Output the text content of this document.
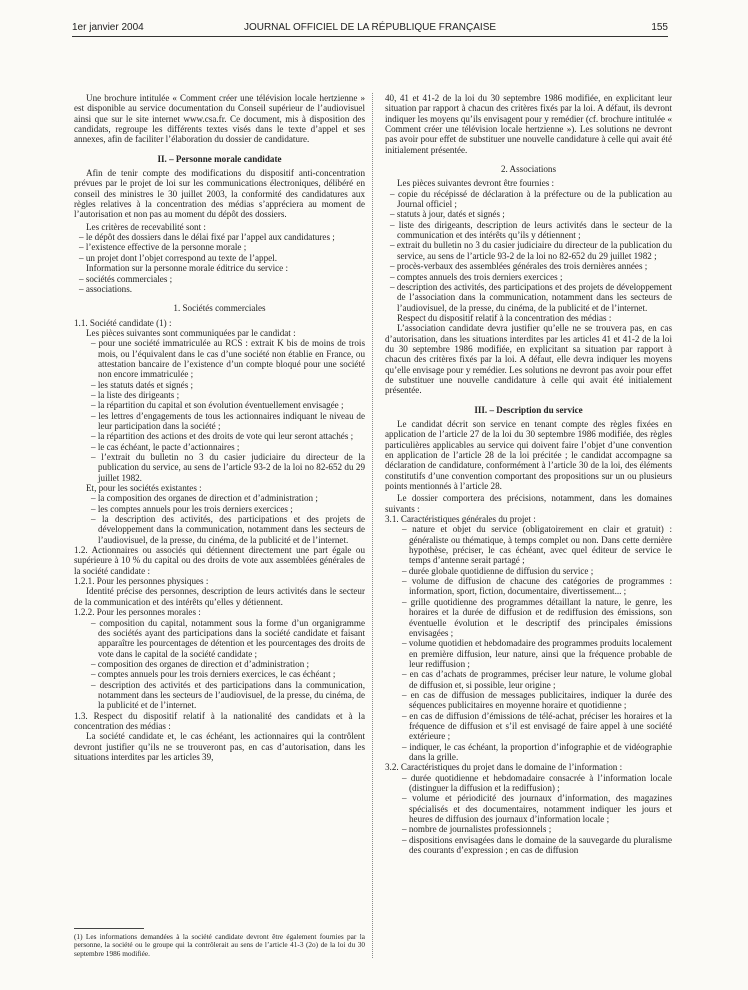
1er janvier 2004	JOURNAL OFFICIEL DE LA RÉPUBLIQUE FRANÇAISE	155

Une brochure intitulée « Comment créer une télévision locale hertzienne » est disponible au service documentation du Conseil supérieur de l’audiovisuel ainsi que sur le site internet www.csa.fr. Ce document, mis à disposition des candidats, regroupe les différents textes visés dans le texte d’appel et ses annexes, afin de faciliter l’élaboration du dossier de candidature.

II. – Personne morale candidate

Afin de tenir compte des modifications du dispositif anti-concentration prévues par le projet de loi sur les communications électroniques, délibéré en conseil des ministres le 30 juillet 2003, la conformité des candidatures aux règles relatives à la concentration des médias s’appréciera au moment de l’autorisation et non pas au moment du dépôt des dossiers.

Les critères de recevabilité sont :

– le dépôt des dossiers dans le délai fixé par l’appel aux candidatures ;

– l’existence effective de la personne morale ;

– un projet dont l’objet correspond au texte de l’appel.

Information sur la personne morale éditrice du service :

– sociétés commerciales ;

– associations.

1. Sociétés commerciales

1.1. Société candidate (1) :

Les pièces suivantes sont communiquées par le candidat :

– pour une société immatriculée au RCS : extrait K bis de moins de trois mois, ou l’équivalent dans le cas d’une société non établie en France, ou attestation bancaire de l’existence d’un compte bloqué pour une société non encore immatriculée ;

– les statuts datés et signés ;

– la liste des dirigeants ;

– la répartition du capital et son évolution éventuellement envisagée ;

– les lettres d’engagements de tous les actionnaires indiquant le niveau de leur participation dans la société ;

– la répartition des actions et des droits de vote qui leur seront attachés ;

– le cas échéant, le pacte d’actionnaires ;

– l’extrait du bulletin no 3 du casier judiciaire du directeur de la publication du service, au sens de l’article 93-2 de la loi no 82-652 du 29 juillet 1982.

Et, pour les sociétés existantes :

– la composition des organes de direction et d’administration ;

– les comptes annuels pour les trois derniers exercices ;

– la description des activités, des participations et des projets de développement dans la communication, notamment dans les secteurs de l’audiovisuel, de la presse, du cinéma, de la publicité et de l’internet.

1.2. Actionnaires ou associés qui détiennent directement une part égale ou supérieure à 10 % du capital ou des droits de vote aux assemblées générales de la société candidate :

1.2.1. Pour les personnes physiques :

Identité précise des personnes, description de leurs activités dans le secteur de la communication et des intérêts qu’elles y détiennent.

1.2.2. Pour les personnes morales :

– composition du capital, notamment sous la forme d’un organigramme des sociétés ayant des participations dans la société candidate et faisant apparaître les pourcentages de détention et les pourcentages des droits de vote dans le capital de la société candidate ;

– composition des organes de direction et d’administration ;

– comptes annuels pour les trois derniers exercices, le cas échéant ;

– description des activités et des participations dans la communication, notamment dans les secteurs de l’audiovisuel, de la presse, du cinéma, de la publicité et de l’internet.

1.3. Respect du dispositif relatif à la nationalité des candidats et à la concentration des médias :

La société candidate et, le cas échéant, les actionnaires qui la contrôlent devront justifier qu’ils ne se trouveront pas, en cas d’autorisation, dans les situations interdites par les articles 39,

(1) Les informations demandées à la société candidate devront être également fournies par la personne, la société ou le groupe qui la contrôlerait au sens de l’article 41-3 (2o) de la loi du 30 septembre 1986 modifiée.

40, 41 et 41-2 de la loi du 30 septembre 1986 modifiée, en explicitant leur situation par rapport à chacun des critères fixés par la loi. A défaut, ils devront indiquer les moyens qu’ils envisagent pour y remédier (cf. brochure intitulée « Comment créer une télévision locale hertzienne »). Les solutions ne devront pas avoir pour effet de substituer une nouvelle candidature à celle qui avait été initialement présentée.

2. Associations

Les pièces suivantes devront être fournies :

– copie du récépissé de déclaration à la préfecture ou de la publication au Journal officiel ;

– statuts à jour, datés et signés ;

– liste des dirigeants, description de leurs activités dans le secteur de la communication et des intérêts qu’ils y détiennent ;

– extrait du bulletin no 3 du casier judiciaire du directeur de la publication du service, au sens de l’article 93-2 de la loi no 82-652 du 29 juillet 1982 ;

– procès-verbaux des assemblées générales des trois dernières années ;

– comptes annuels des trois derniers exercices ;

– description des activités, des participations et des projets de développement de l’association dans la communication, notamment dans les secteurs de l’audiovisuel, de la presse, du cinéma, de la publicité et de l’internet.

Respect du dispositif relatif à la concentration des médias :

L’association candidate devra justifier qu’elle ne se trouvera pas, en cas d’autorisation, dans les situations interdites par les articles 41 et 41-2 de la loi du 30 septembre 1986 modifiée, en explicitant sa situation par rapport à chacun des critères fixés par la loi. A défaut, elle devra indiquer les moyens qu’elle envisage pour y remédier. Les solutions ne devront pas avoir pour effet de substituer une nouvelle candidature à celle qui avait été initialement présentée.

III. – Description du service

Le candidat décrit son service en tenant compte des règles fixées en application de l’article 27 de la loi du 30 septembre 1986 modifiée, des règles particulières applicables au service qui doivent faire l’objet d’une convention en application de l’article 28 de la loi précitée ; le candidat accompagne sa déclaration de candidature, conformément à l’article 30 de la loi, des éléments constitutifs d’une convention comportant des propositions sur un ou plusieurs points mentionnés à l’article 28.

Le dossier comportera des précisions, notamment, dans les domaines suivants :

3.1. Caractéristiques générales du projet :

– nature et objet du service (obligatoirement en clair et gratuit) : généraliste ou thématique, à temps complet ou non. Dans cette dernière hypothèse, préciser, le cas échéant, avec quel éditeur de service le temps d’antenne serait partagé ;

– durée globale quotidienne de diffusion du service ;

– volume de diffusion de chacune des catégories de programmes : information, sport, fiction, documentaire, divertissement... ;

– grille quotidienne des programmes détaillant la nature, le genre, les horaires et la durée de diffusion et de rediffusion des émissions, son éventuelle évolution et le descriptif des principales émissions envisagées ;

– volume quotidien et hebdomadaire des programmes produits localement en première diffusion, leur nature, ainsi que la fréquence probable de leur rediffusion ;

– en cas d’achats de programmes, préciser leur nature, le volume global de diffusion et, si possible, leur origine ;

– en cas de diffusion de messages publicitaires, indiquer la durée des séquences publicitaires en moyenne horaire et quotidienne ;

– en cas de diffusion d’émissions de télé-achat, préciser les horaires et la fréquence de diffusion et s’il est envisagé de faire appel à une société extérieure ;

– indiquer, le cas échéant, la proportion d’infographie et de vidéographie dans la grille.

3.2. Caractéristiques du projet dans le domaine de l’information :

– durée quotidienne et hebdomadaire consacrée à l’information locale (distinguer la diffusion et la rediffusion) ;

– volume et périodicité des journaux d’information, des magazines spécialisés et des documentaires, notamment indiquer les jours et heures de diffusion des journaux d’information locale ;

– nombre de journalistes professionnels ;

– dispositions envisagées dans le domaine de la sauvegarde du pluralisme des courants d’expression ; en cas de diffusion
